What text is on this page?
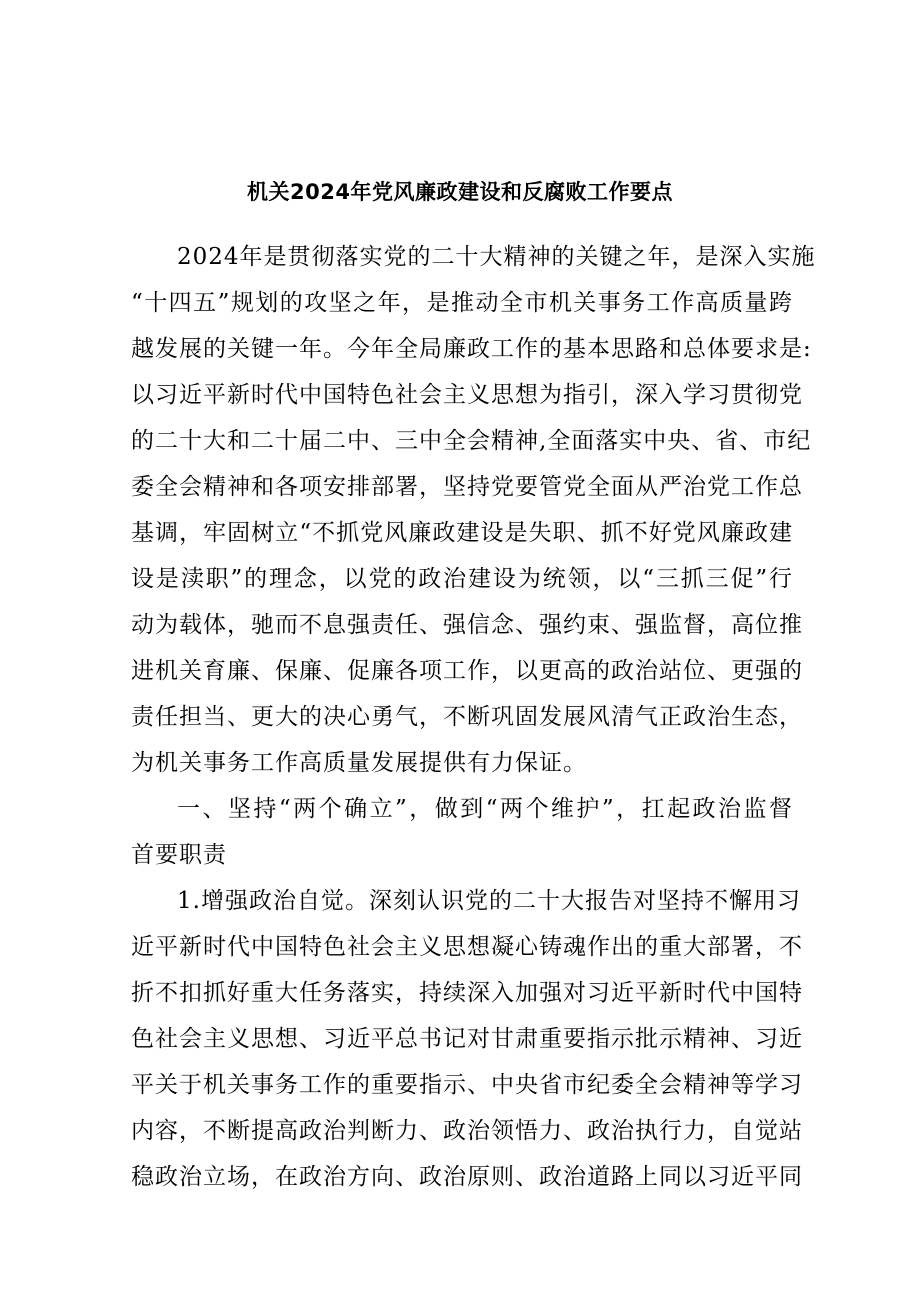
机关2024年党风廉政建设和反腐败工作要点
2024年是贯彻落实党的二十大精神的关键之年，是深入实施
“十四五”规划的攻坚之年，是推动全市机关事务工作高质量跨
越发展的关键一年。今年全局廉政工作的基本思路和总体要求是:
以习近平新时代中国特色社会主义思想为指引，深入学习贯彻党
的二十大和二十届二中、三中全会精神,全面落实中央、省、市纪
委全会精神和各项安排部署，坚持党要管党全面从严治党工作总
基调，牢固树立“不抓党风廉政建设是失职、抓不好党风廉政建
设是渎职”的理念，以党的政治建设为统领，以“三抓三促”行
动为载体，驰而不息强责任、强信念、强约束、强监督，高位推
进机关育廉、保廉、促廉各项工作，以更高的政治站位、更强的
责任担当、更大的决心勇气，不断巩固发展风清气正政治生态，
为机关事务工作高质量发展提供有力保证。
一、坚持“两个确立”，做到“两个维护”，扛起政治监督
首要职责
1.增强政治自觉。深刻认识党的二十大报告对坚持不懈用习
近平新时代中国特色社会主义思想凝心铸魂作出的重大部署，不
折不扣抓好重大任务落实，持续深入加强对习近平新时代中国特
色社会主义思想、习近平总书记对甘肃重要指示批示精神、习近
平关于机关事务工作的重要指示、中央省市纪委全会精神等学习
内容，不断提高政治判断力、政治领悟力、政治执行力，自觉站
稳政治立场，在政治方向、政治原则、政治道路上同以习近平同
